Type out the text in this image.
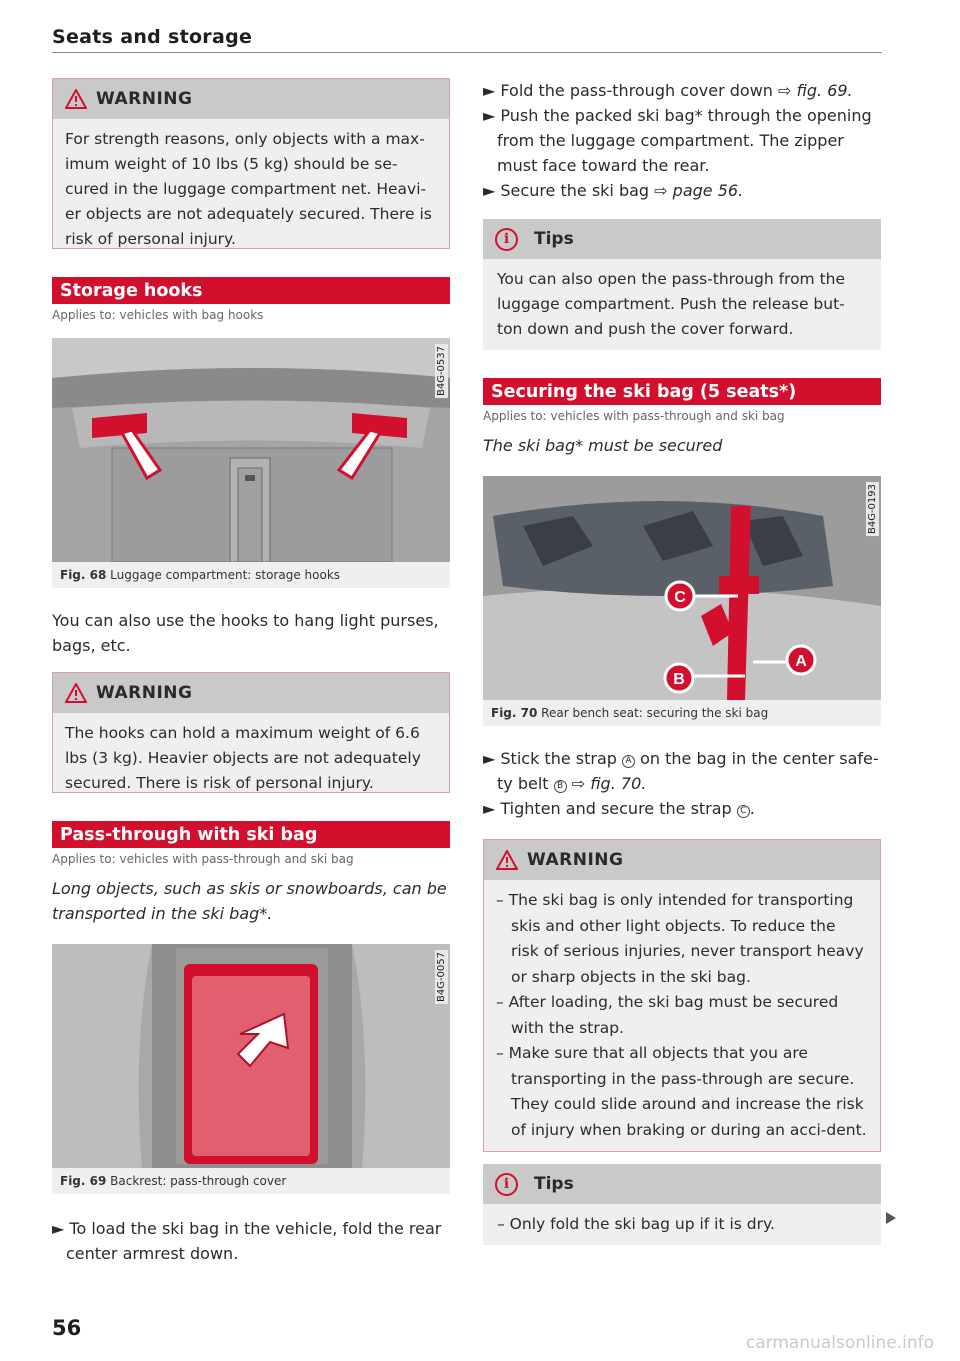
Seats and storage
WARNING
For strength reasons, only objects with a max-imum weight of 10 lbs (5 kg) should be se-cured in the luggage compartment net. Heavi-er objects are not adequately secured. There is risk of personal injury.
Storage hooks
Applies to: vehicles with bag hooks
B4G-0537
Fig. 68 Luggage compartment: storage hooks
You can also use the hooks to hang light purses, bags, etc.
WARNING
The hooks can hold a maximum weight of 6.6 lbs (3 kg). Heavier objects are not adequately secured. There is risk of personal injury.
Pass-through with ski bag
Applies to: vehicles with pass-through and ski bag
Long objects, such as skis or snowboards, can be transported in the ski bag*.
B4G-0057
Fig. 69 Backrest: pass-through cover
► To load the ski bag in the vehicle, fold the rear center armrest down.
► Fold the pass-through cover down ⇨ fig. 69.
► Push the packed ski bag* through the opening from the luggage compartment. The zipper must face toward the rear.
► Secure the ski bag ⇨ page 56.
i	Tips
You can also open the pass-through from the luggage compartment. Push the release but-ton down and push the cover forward.
Securing the ski bag (5 seats*)
Applies to: vehicles with pass-through and ski bag
The ski bag* must be secured
C
B
A
B4G-0193
Fig. 70 Rear bench seat: securing the ski bag
► Stick the strap A on the bag in the center safe-ty belt B ⇨ fig. 70.
► Tighten and secure the strap C .
WARNING
– The ski bag is only intended for transporting skis and other light objects. To reduce the risk of serious injuries, never transport heavy or sharp objects in the ski bag.
– After loading, the ski bag must be secured with the strap.
– Make sure that all objects that you are transporting in the pass-through are secure. They could slide around and increase the risk of injury when braking or during an acci-dent.
i	Tips
– Only fold the ski bag up if it is dry.
56
carmanualsonline.info
